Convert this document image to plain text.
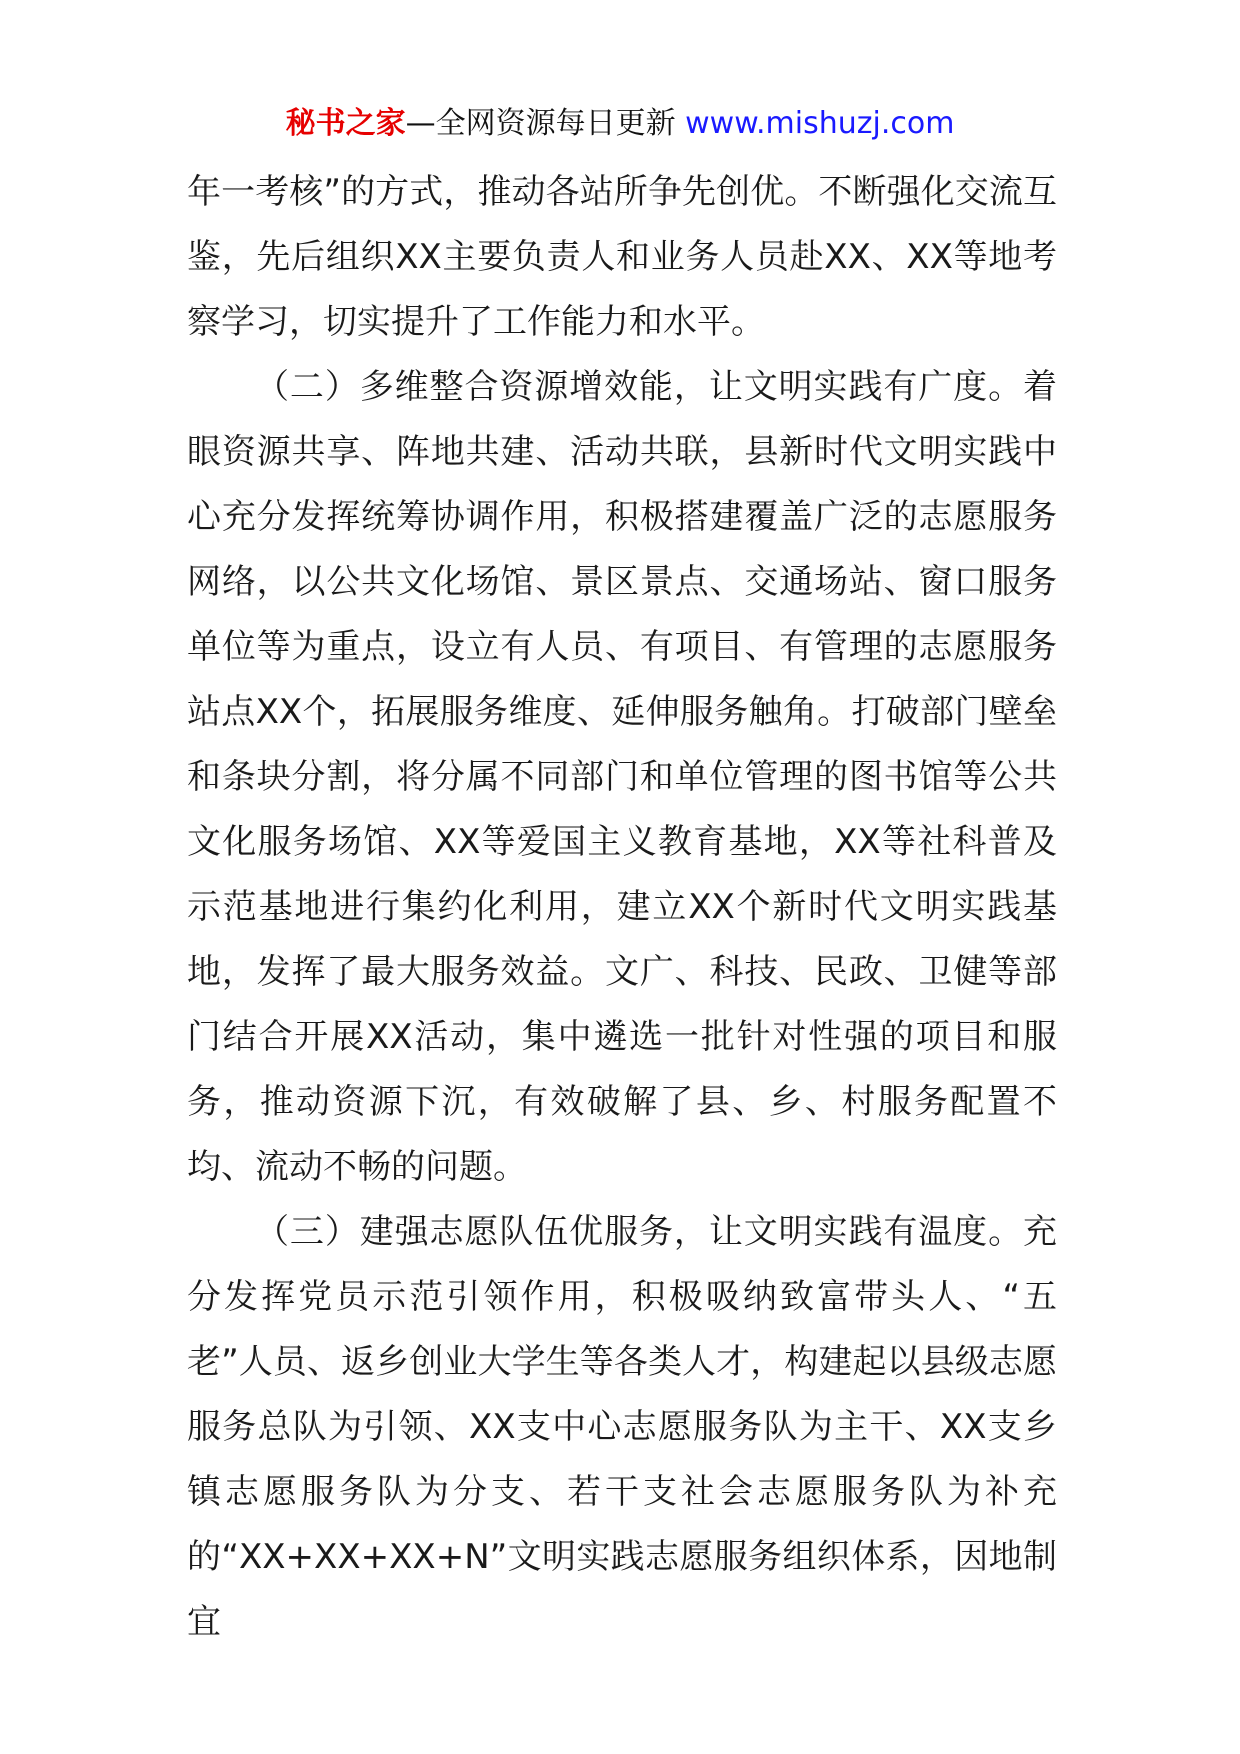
秘书之家—全网资源每日更新 www.mishuzj.com

年一考核”的方式，推动各站所争先创优。不断强化交流互鉴，先后组织XX主要负责人和业务人员赴XX、XX等地考察学习，切实提升了工作能力和水平。

（二）多维整合资源增效能，让文明实践有广度。着眼资源共享、阵地共建、活动共联，县新时代文明实践中心充分发挥统筹协调作用，积极搭建覆盖广泛的志愿服务网络，以公共文化场馆、景区景点、交通场站、窗口服务单位等为重点，设立有人员、有项目、有管理的志愿服务站点XX个，拓展服务维度、延伸服务触角。打破部门壁垒和条块分割，将分属不同部门和单位管理的图书馆等公共文化服务场馆、XX等爱国主义教育基地，XX等社科普及示范基地进行集约化利用，建立XX个新时代文明实践基地，发挥了最大服务效益。文广、科技、民政、卫健等部门结合开展XX活动，集中遴选一批针对性强的项目和服务，推动资源下沉，有效破解了县、乡、村服务配置不均、流动不畅的问题。

（三）建强志愿队伍优服务，让文明实践有温度。充分发挥党员示范引领作用，积极吸纳致富带头人、“五老”人员、返乡创业大学生等各类人才，构建起以县级志愿服务总队为引领、XX支中心志愿服务队为主干、XX支乡镇志愿服务队为分支、若干支社会志愿服务队为补充的“XX+XX+XX+N”文明实践志愿服务组织体系，因地制宜
